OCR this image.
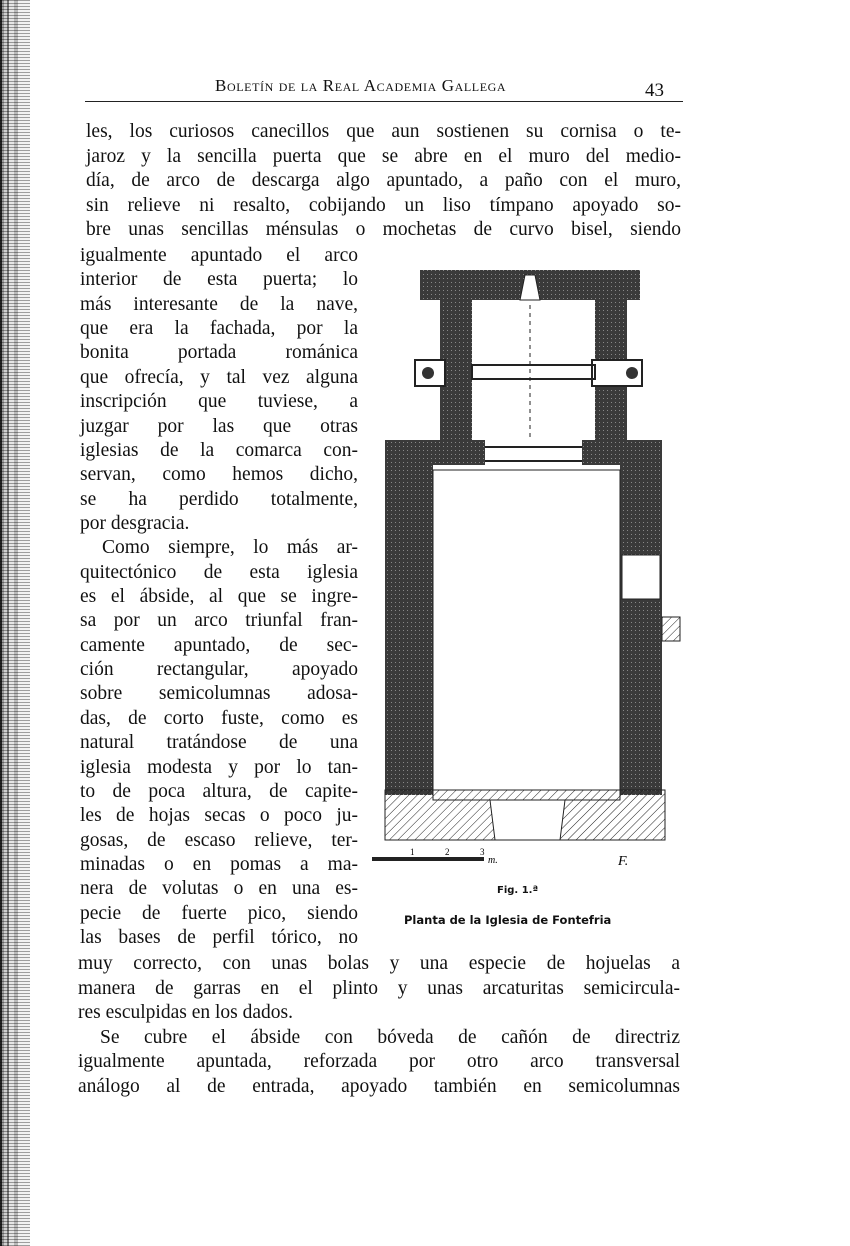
Boletín de la Real Academia Gallega	43
les, los curiosos canecillos que aun sostienen su cornisa o te-
jaroz y la sencilla puerta que se abre en el muro del medio-
día, de arco de descarga algo apuntado, a paño con el muro,
sin relieve ni resalto, cobijando un liso tímpano apoyado so-
bre unas sencillas ménsulas o mochetas de curvo bisel, siendo
igualmente apuntado el arco
interior de esta puerta; lo
más interesante de la nave,
que era la fachada, por la
bonita portada románica
que ofrecía, y tal vez alguna
inscripción que tuviese, a
juzgar por las que otras
iglesias de la comarca con-
servan, como hemos dicho,
se ha perdido totalmente,
por desgracia.
Como siempre, lo más ar-
quitectónico de esta iglesia
es el ábside, al que se ingre-
sa por un arco triunfal fran-
camente apuntado, de sec-
ción rectangular, apoyado
sobre semicolumnas adosa-
das, de corto fuste, como es
natural tratándose de una
iglesia modesta y por lo tan-
to de poca altura, de capite-
les de hojas secas o poco ju-
gosas, de escaso relieve, ter-
minadas o en pomas a ma-
nera de volutas o en una es-
pecie de fuerte pico, siendo
las bases de perfil tórico, no
muy correcto, con unas bolas y una especie de hojuelas a
manera de garras en el plinto y unas arcaturitas semicircula-
res esculpidas en los dados.
Se cubre el ábside con bóveda de cañón de directriz
igualmente apuntada, reforzada por otro arco transversal
análogo al de entrada, apoyado también en semicolumnas
1	2	3
m.	F.
Fig. 1.ª
Planta de la Iglesia de Fontefria
